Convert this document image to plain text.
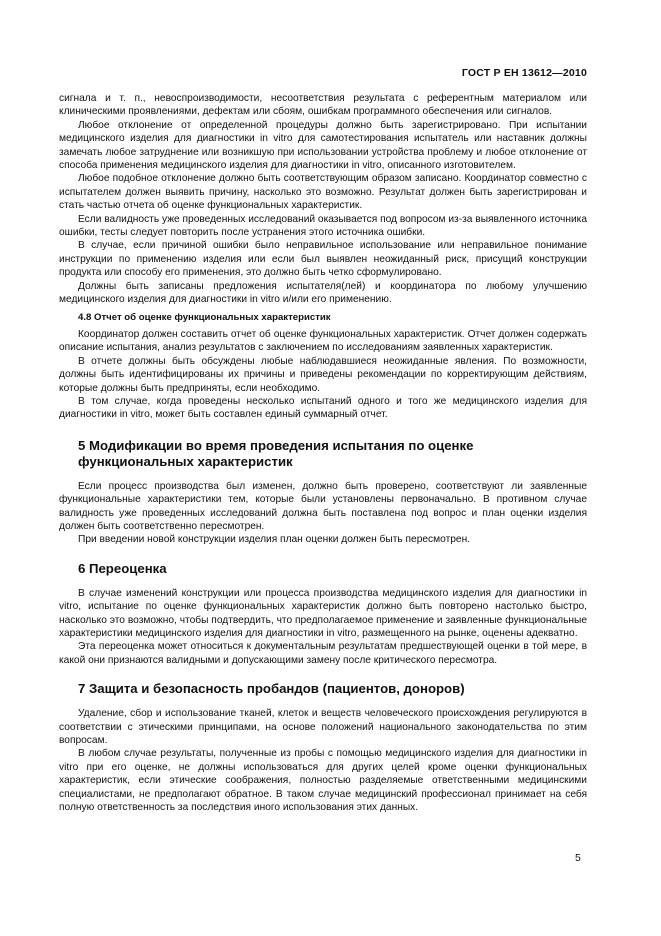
ГОСТ Р ЕН 13612—2010

сигнала и т. п., невоспроизводимости, несоответствия результата с референтным материалом или клиническими проявлениями, дефектам или сбоям, ошибкам программного обеспечения или сигналов.

Любое отклонение от определенной процедуры должно быть зарегистрировано. При испытании медицинского изделия для диагностики in vitro для самотестирования испытатель или наставник должны замечать любое затруднение или возникшую при использовании устройства проблему и любое отклонение от способа применения медицинского изделия для диагностики in vitro, описанного изготовителем.

Любое подобное отклонение должно быть соответствующим образом записано. Координатор совместно с испытателем должен выявить причину, насколько это возможно. Результат должен быть зарегистрирован и стать частью отчета об оценке функциональных характеристик.

Если валидность уже проведенных исследований оказывается под вопросом из-за выявленного источника ошибки, тесты следует повторить после устранения этого источника ошибки.

В случае, если причиной ошибки было неправильное использование или неправильное понимание инструкции по применению изделия или если был выявлен неожиданный риск, присущий конструкции продукта или способу его применения, это должно быть четко сформулировано.

Должны быть записаны предложения испытателя(лей) и координатора по любому улучшению медицинского изделия для диагностики in vitro и/или его применению.

4.8 Отчет об оценке функциональных характеристик

Координатор должен составить отчет об оценке функциональных характеристик. Отчет должен содержать описание испытания, анализ результатов с заключением по исследованиям заявленных характеристик.

В отчете должны быть обсуждены любые наблюдавшиеся неожиданные явления. По возможности, должны быть идентифицированы их причины и приведены рекомендации по корректирующим действиям, которые должны быть предприняты, если необходимо.

В том случае, когда проведены несколько испытаний одного и того же медицинского изделия для диагностики in vitro, может быть составлен единый суммарный отчет.

5 Модификации во время проведения испытания по оценке
функциональных характеристик

Если процесс производства был изменен, должно быть проверено, соответствуют ли заявленные функциональные характеристики тем, которые были установлены первоначально. В противном случае валидность уже проведенных исследований должна быть поставлена под вопрос и план оценки изделия должен быть соответственно пересмотрен.

При введении новой конструкции изделия план оценки должен быть пересмотрен.

6 Переоценка

В случае изменений конструкции или процесса производства медицинского изделия для диагностики in vitro, испытание по оценке функциональных характеристик должно быть повторено настолько быстро, насколько это возможно, чтобы подтвердить, что предполагаемое применение и заявленные функциональные характеристики медицинского изделия для диагностики in vitro, размещенного на рынке, оценены адекватно.

Эта переоценка может относиться к документальным результатам предшествующей оценки в той мере, в какой они признаются валидными и допускающими замену после критического пересмотра.

7 Защита и безопасность пробандов (пациентов, доноров)

Удаление, сбор и использование тканей, клеток и веществ человеческого происхождения регулируются в соответствии с этическими принципами, на основе положений национального законодательства по этим вопросам.

В любом случае результаты, полученные из пробы с помощью медицинского изделия для диагностики in vitro при его оценке, не должны использоваться для других целей кроме оценки функциональных характеристик, если этические соображения, полностью разделяемые ответственными медицинскими специалистами, не предполагают обратное. В таком случае медицинский профессионал принимает на себя полную ответственность за последствия иного использования этих данных.

5
